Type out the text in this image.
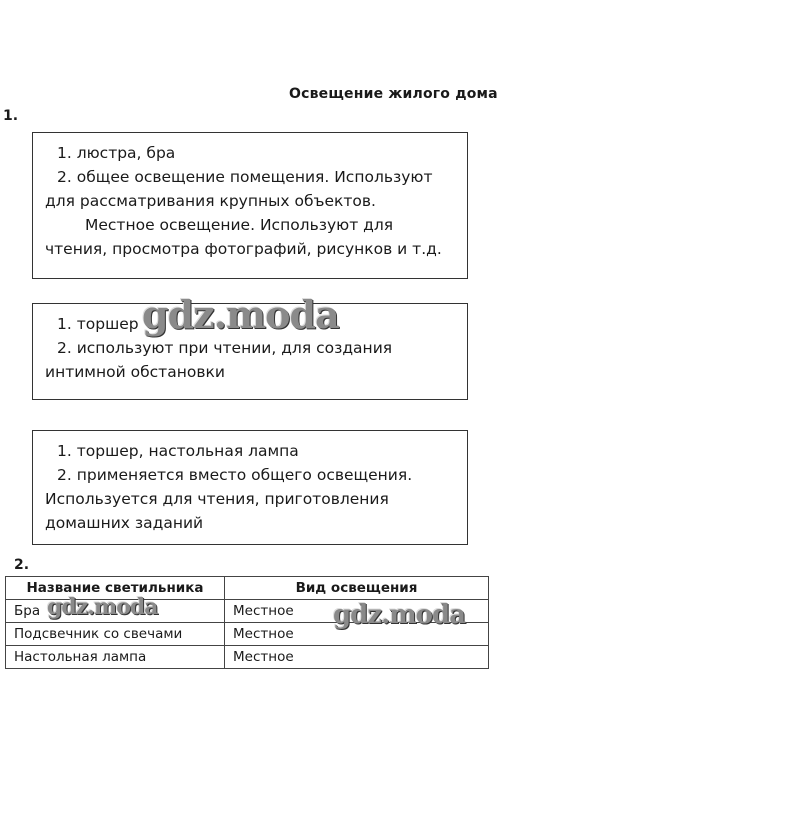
Освещение жилого дома
1.
1. люстра, бра
2. общее освещение помещения. Используют
для рассматривания крупных объектов.
Местное освещение. Используют для
чтения, просмотра фотографий, рисунков и т.д.
1. торшер
2. используют при чтении, для создания
интимной обстановки
1. торшер, настольная лампа
2. применяется вместо общего освещения.
Используется для чтения, приготовления
домашних заданий
2.
Название светильника	Вид освещения
Бра	Местное
Подсвечник со свечами	Местное
Настольная лампа	Местное
gdz.moda
gdz.moda	gdz.moda
